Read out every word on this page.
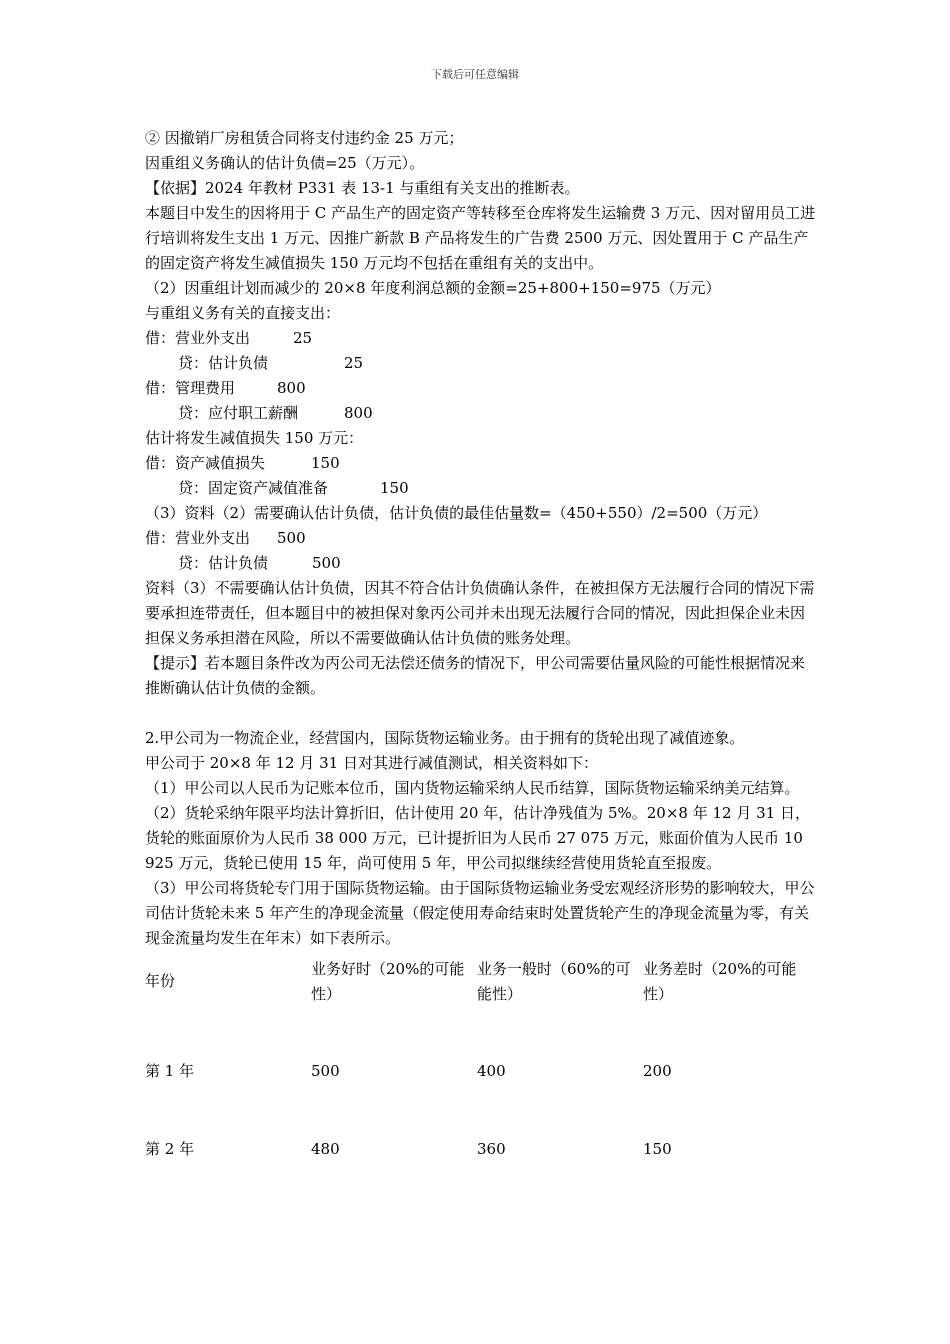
下载后可任意编辑
② 因撤销厂房租赁合同将支付违约金 25 万元；
因重组义务确认的估计负债=25（万元）。
【依据】2024 年教材 P331 表 13-1 与重组有关支出的推断表。
本题目中发生的因将用于 C 产品生产的固定资产等转移至仓库将发生运输费 3 万元、因对留用员工进行培训将发生支出 1 万元、因推广新款 B 产品将发生的广告费 2500 万元、因处置用于 C 产品生产的固定资产将发生减值损失 150 万元均不包括在重组有关的支出中。
（2）因重组计划而减少的 20×8 年度利润总额的金额=25+800+150=975（万元）
与重组义务有关的直接支出：
借：营业外支出	25
贷：估计负债	25
借：管理费用	800
贷：应付职工薪酬	800
估计将发生减值损失 150 万元：
借：资产减值损失	150
贷：固定资产减值准备	150
（3）资料（2）需要确认估计负债，估计负债的最佳估量数=（450+550）/2=500（万元）
借：营业外支出 500
贷：估计负债	500
资料（3）不需要确认估计负债，因其不符合估计负债确认条件，在被担保方无法履行合同的情况下需要承担连带责任，但本题目中的被担保对象丙公司并未出现无法履行合同的情况，因此担保企业未因担保义务承担潜在风险，所以不需要做确认估计负债的账务处理。
【提示】若本题目条件改为丙公司无法偿还债务的情况下，甲公司需要估量风险的可能性根据情况来推断确认估计负债的金额。
2.甲公司为一物流企业，经营国内，国际货物运输业务。由于拥有的货轮出现了减值迹象。
甲公司于 20×8 年 12 月 31 日对其进行减值测试，相关资料如下：
（1）甲公司以人民币为记账本位币，国内货物运输采纳人民币结算，国际货物运输采纳美元结算。
（2）货轮采纳年限平均法计算折旧，估计使用 20 年，估计净残值为 5%。20×8 年 12 月 31 日，货轮的账面原价为人民币 38 000 万元，已计提折旧为人民币 27 075 万元，账面价值为人民币 10 925 万元，货轮已使用 15 年，尚可使用 5 年，甲公司拟继续经营使用货轮直至报废。
（3）甲公司将货轮专门用于国际货物运输。由于国际货物运输业务受宏观经济形势的影响较大，甲公司估计货轮未来 5 年产生的净现金流量（假定使用寿命结束时处置货轮产生的净现金流量为零，有关现金流量均发生在年末）如下表所示。
年份	业务好时（20%的可能性）	业务一般时（60%的可能性）	业务差时（20%的可能性）
第 1 年	500	400	200
第 2 年	480	360	150
